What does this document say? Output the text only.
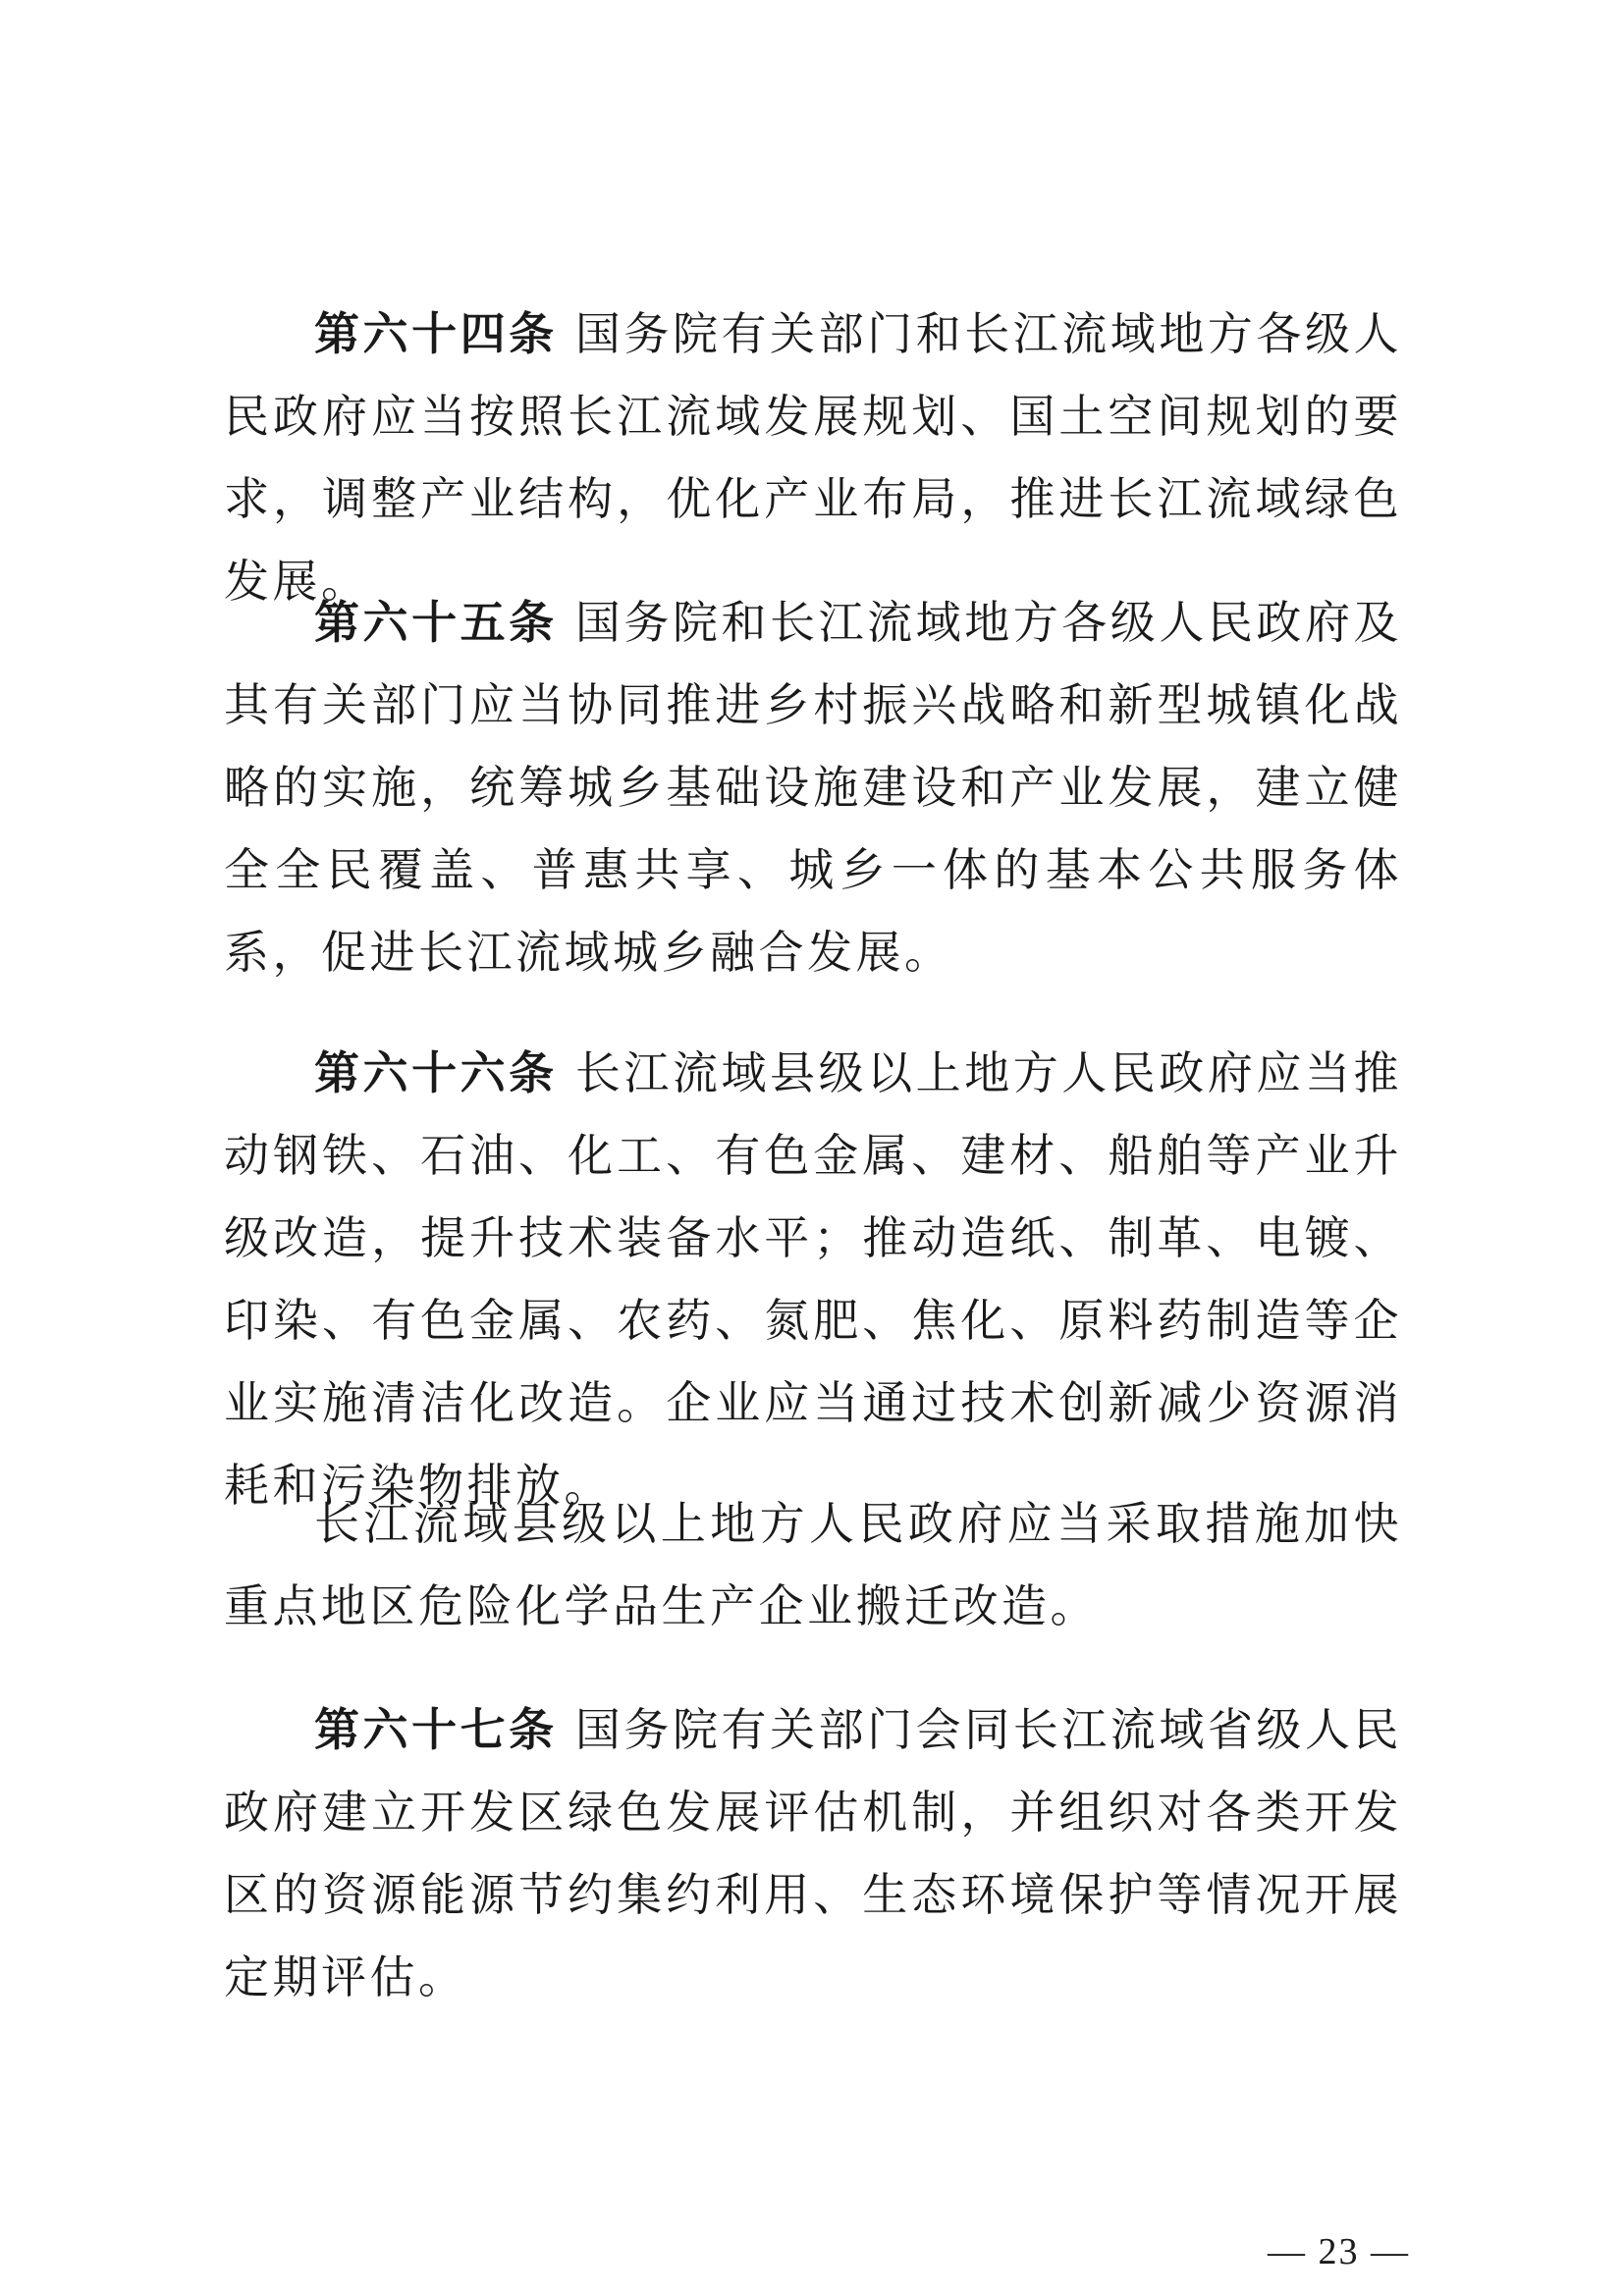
第六十四条 国务院有关部门和长江流域地方各级人民政府应当按照长江流域发展规划、国土空间规划的要求，调整产业结构，优化产业布局，推进长江流域绿色发展。

第六十五条 国务院和长江流域地方各级人民政府及其有关部门应当协同推进乡村振兴战略和新型城镇化战略的实施，统筹城乡基础设施建设和产业发展，建立健全全民覆盖、普惠共享、城乡一体的基本公共服务体系，促进长江流域城乡融合发展。

第六十六条 长江流域县级以上地方人民政府应当推动钢铁、石油、化工、有色金属、建材、船舶等产业升级改造，提升技术装备水平；推动造纸、制革、电镀、印染、有色金属、农药、氮肥、焦化、原料药制造等企业实施清洁化改造。企业应当通过技术创新减少资源消耗和污染物排放。

长江流域县级以上地方人民政府应当采取措施加快重点地区危险化学品生产企业搬迁改造。

第六十七条 国务院有关部门会同长江流域省级人民政府建立开发区绿色发展评估机制，并组织对各类开发区的资源能源节约集约利用、生态环境保护等情况开展定期评估。

— 23 —
